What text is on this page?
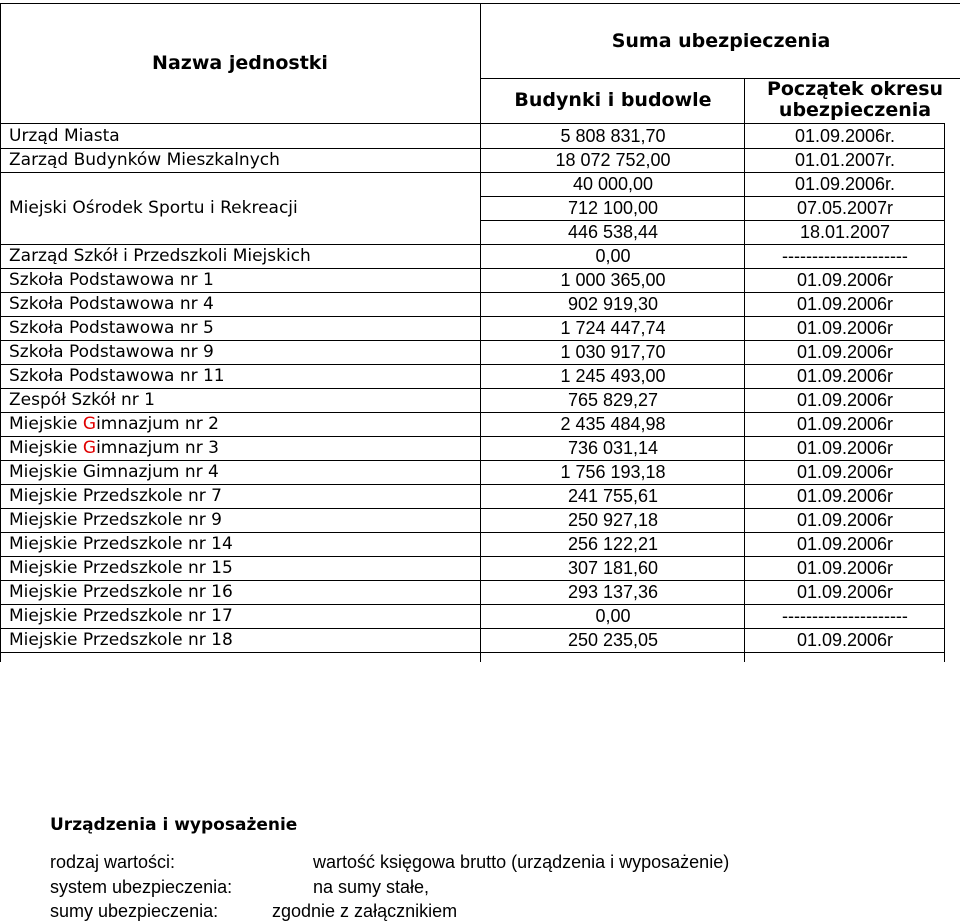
Nazwa jednostki
Suma ubezpieczenia
Budynki i budowle	Początek okresu
ubezpieczenia
Urząd Miasta	5 808 831,70	01.09.2006r.
Zarząd Budynków Mieszkalnych	18 072 752,00	01.01.2007r.
40 000,00	01.09.2006r.
Miejski Ośrodek Sportu i Rekreacji	712 100,00	07.05.2007r
446 538,44	18.01.2007
Zarząd Szkół i Przedszkoli Miejskich	0,00	---------------------
Szkoła Podstawowa nr 1	1 000 365,00	01.09.2006r
Szkoła Podstawowa nr 4	902 919,30	01.09.2006r
Szkoła Podstawowa nr 5	1 724 447,74	01.09.2006r
Szkoła Podstawowa nr 9	1 030 917,70	01.09.2006r
Szkoła Podstawowa nr 11	1 245 493,00	01.09.2006r
Zespół Szkół nr 1	765 829,27	01.09.2006r
Miejskie Gimnazjum nr 2	2 435 484,98	01.09.2006r
Miejskie Gimnazjum nr 3	736 031,14	01.09.2006r
Miejskie Gimnazjum nr 4	1 756 193,18	01.09.2006r
Miejskie Przedszkole nr 7	241 755,61	01.09.2006r
Miejskie Przedszkole nr 9	250 927,18	01.09.2006r
Miejskie Przedszkole nr 14	256 122,21	01.09.2006r
Miejskie Przedszkole nr 15	307 181,60	01.09.2006r
Miejskie Przedszkole nr 16	293 137,36	01.09.2006r
Miejskie Przedszkole nr 17	0,00	---------------------
Miejskie Przedszkole nr 18	250 235,05	01.09.2006r
Urządzenia i wyposażenie
rodzaj wartości:	wartość księgowa brutto (urządzenia i wyposażenie)
system ubezpieczenia:	na sumy stałe,
sumy ubezpieczenia:	zgodnie z załącznikiem
